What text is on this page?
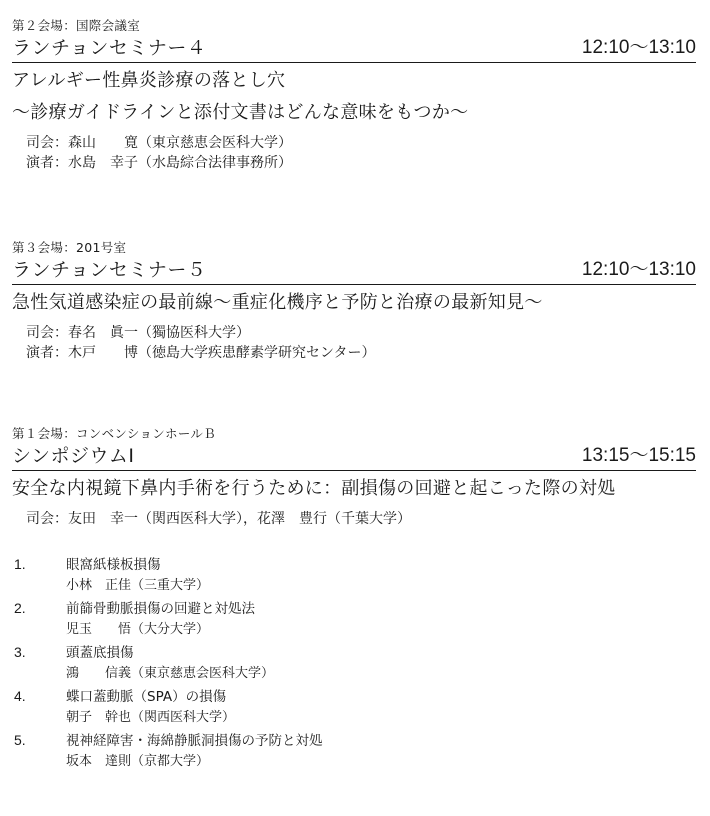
第２会場：国際会議室
ランチョンセミナー４	12:10〜13:10
アレルギー性鼻炎診療の落とし穴
〜診療ガイドラインと添付文書はどんな意味をもつか〜
司会：森山　　寛（東京慈恵会医科大学）
演者：水島　幸子（水島綜合法律事務所）
第３会場：201号室
ランチョンセミナー５	12:10〜13:10
急性気道感染症の最前線〜重症化機序と予防と治療の最新知見〜
司会：春名　眞一（獨協医科大学）
演者：木戸　　博（徳島大学疾患酵素学研究センター）
第１会場：コンベンションホールＢ
シンポジウムⅠ	13:15〜15:15
安全な内視鏡下鼻内手術を行うために：副損傷の回避と起こった際の対処
司会：友田　幸一（関西医科大学），花澤　豊行（千葉大学）
1.	眼窩紙様板損傷
小林　正佳（三重大学）
2.	前篩骨動脈損傷の回避と対処法
児玉　　悟（大分大学）
3.	頭蓋底損傷
鴻　　信義（東京慈恵会医科大学）
4.	蝶口蓋動脈（SPA）の損傷
朝子　幹也（関西医科大学）
5.	視神経障害・海綿静脈洞損傷の予防と対処
坂本　達則（京都大学）
